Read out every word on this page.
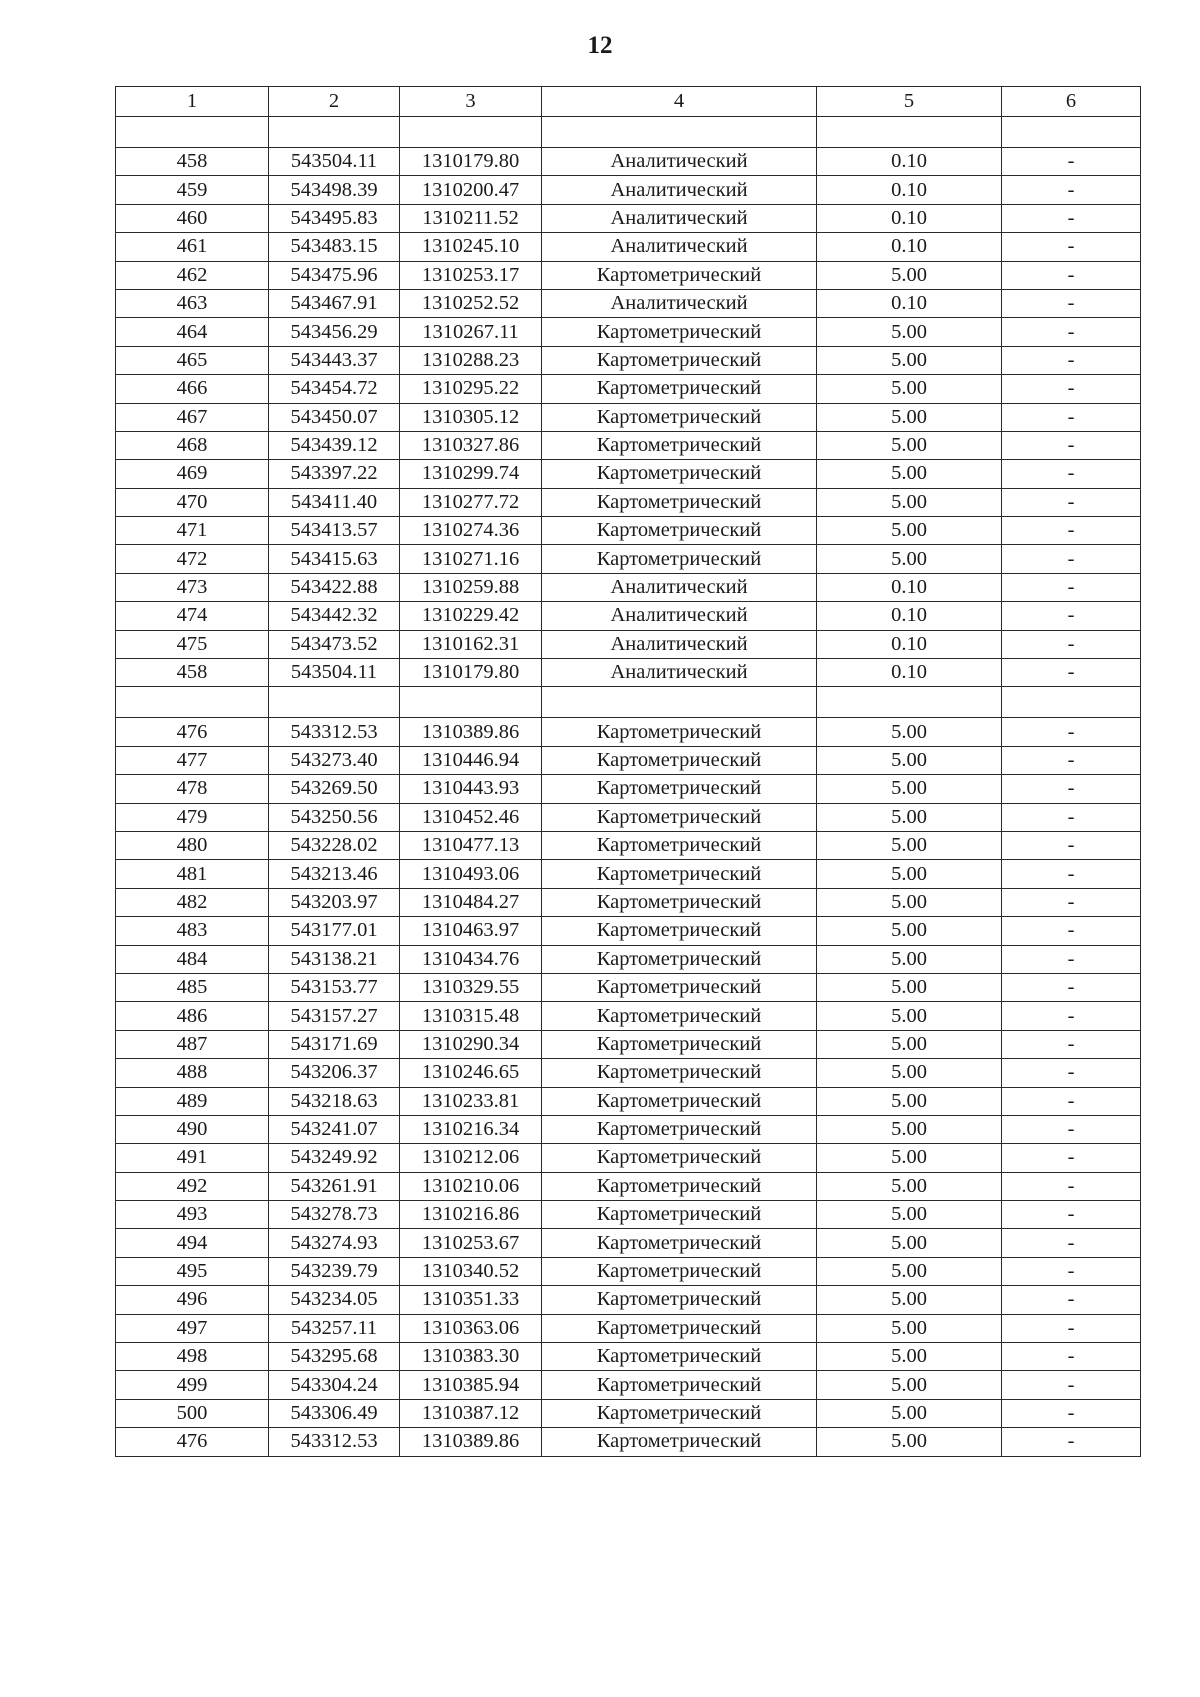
12
1	2	3	4	5	6

458	543504.11	1310179.80	Аналитический	0.10	-
459	543498.39	1310200.47	Аналитический	0.10	-
460	543495.83	1310211.52	Аналитический	0.10	-
461	543483.15	1310245.10	Аналитический	0.10	-
462	543475.96	1310253.17	Картометрический	5.00	-
463	543467.91	1310252.52	Аналитический	0.10	-
464	543456.29	1310267.11	Картометрический	5.00	-
465	543443.37	1310288.23	Картометрический	5.00	-
466	543454.72	1310295.22	Картометрический	5.00	-
467	543450.07	1310305.12	Картометрический	5.00	-
468	543439.12	1310327.86	Картометрический	5.00	-
469	543397.22	1310299.74	Картометрический	5.00	-
470	543411.40	1310277.72	Картометрический	5.00	-
471	543413.57	1310274.36	Картометрический	5.00	-
472	543415.63	1310271.16	Картометрический	5.00	-
473	543422.88	1310259.88	Аналитический	0.10	-
474	543442.32	1310229.42	Аналитический	0.10	-
475	543473.52	1310162.31	Аналитический	0.10	-
458	543504.11	1310179.80	Аналитический	0.10	-

476	543312.53	1310389.86	Картометрический	5.00	-
477	543273.40	1310446.94	Картометрический	5.00	-
478	543269.50	1310443.93	Картометрический	5.00	-
479	543250.56	1310452.46	Картометрический	5.00	-
480	543228.02	1310477.13	Картометрический	5.00	-
481	543213.46	1310493.06	Картометрический	5.00	-
482	543203.97	1310484.27	Картометрический	5.00	-
483	543177.01	1310463.97	Картометрический	5.00	-
484	543138.21	1310434.76	Картометрический	5.00	-
485	543153.77	1310329.55	Картометрический	5.00	-
486	543157.27	1310315.48	Картометрический	5.00	-
487	543171.69	1310290.34	Картометрический	5.00	-
488	543206.37	1310246.65	Картометрический	5.00	-
489	543218.63	1310233.81	Картометрический	5.00	-
490	543241.07	1310216.34	Картометрический	5.00	-
491	543249.92	1310212.06	Картометрический	5.00	-
492	543261.91	1310210.06	Картометрический	5.00	-
493	543278.73	1310216.86	Картометрический	5.00	-
494	543274.93	1310253.67	Картометрический	5.00	-
495	543239.79	1310340.52	Картометрический	5.00	-
496	543234.05	1310351.33	Картометрический	5.00	-
497	543257.11	1310363.06	Картометрический	5.00	-
498	543295.68	1310383.30	Картометрический	5.00	-
499	543304.24	1310385.94	Картометрический	5.00	-
500	543306.49	1310387.12	Картометрический	5.00	-
476	543312.53	1310389.86	Картометрический	5.00	-
